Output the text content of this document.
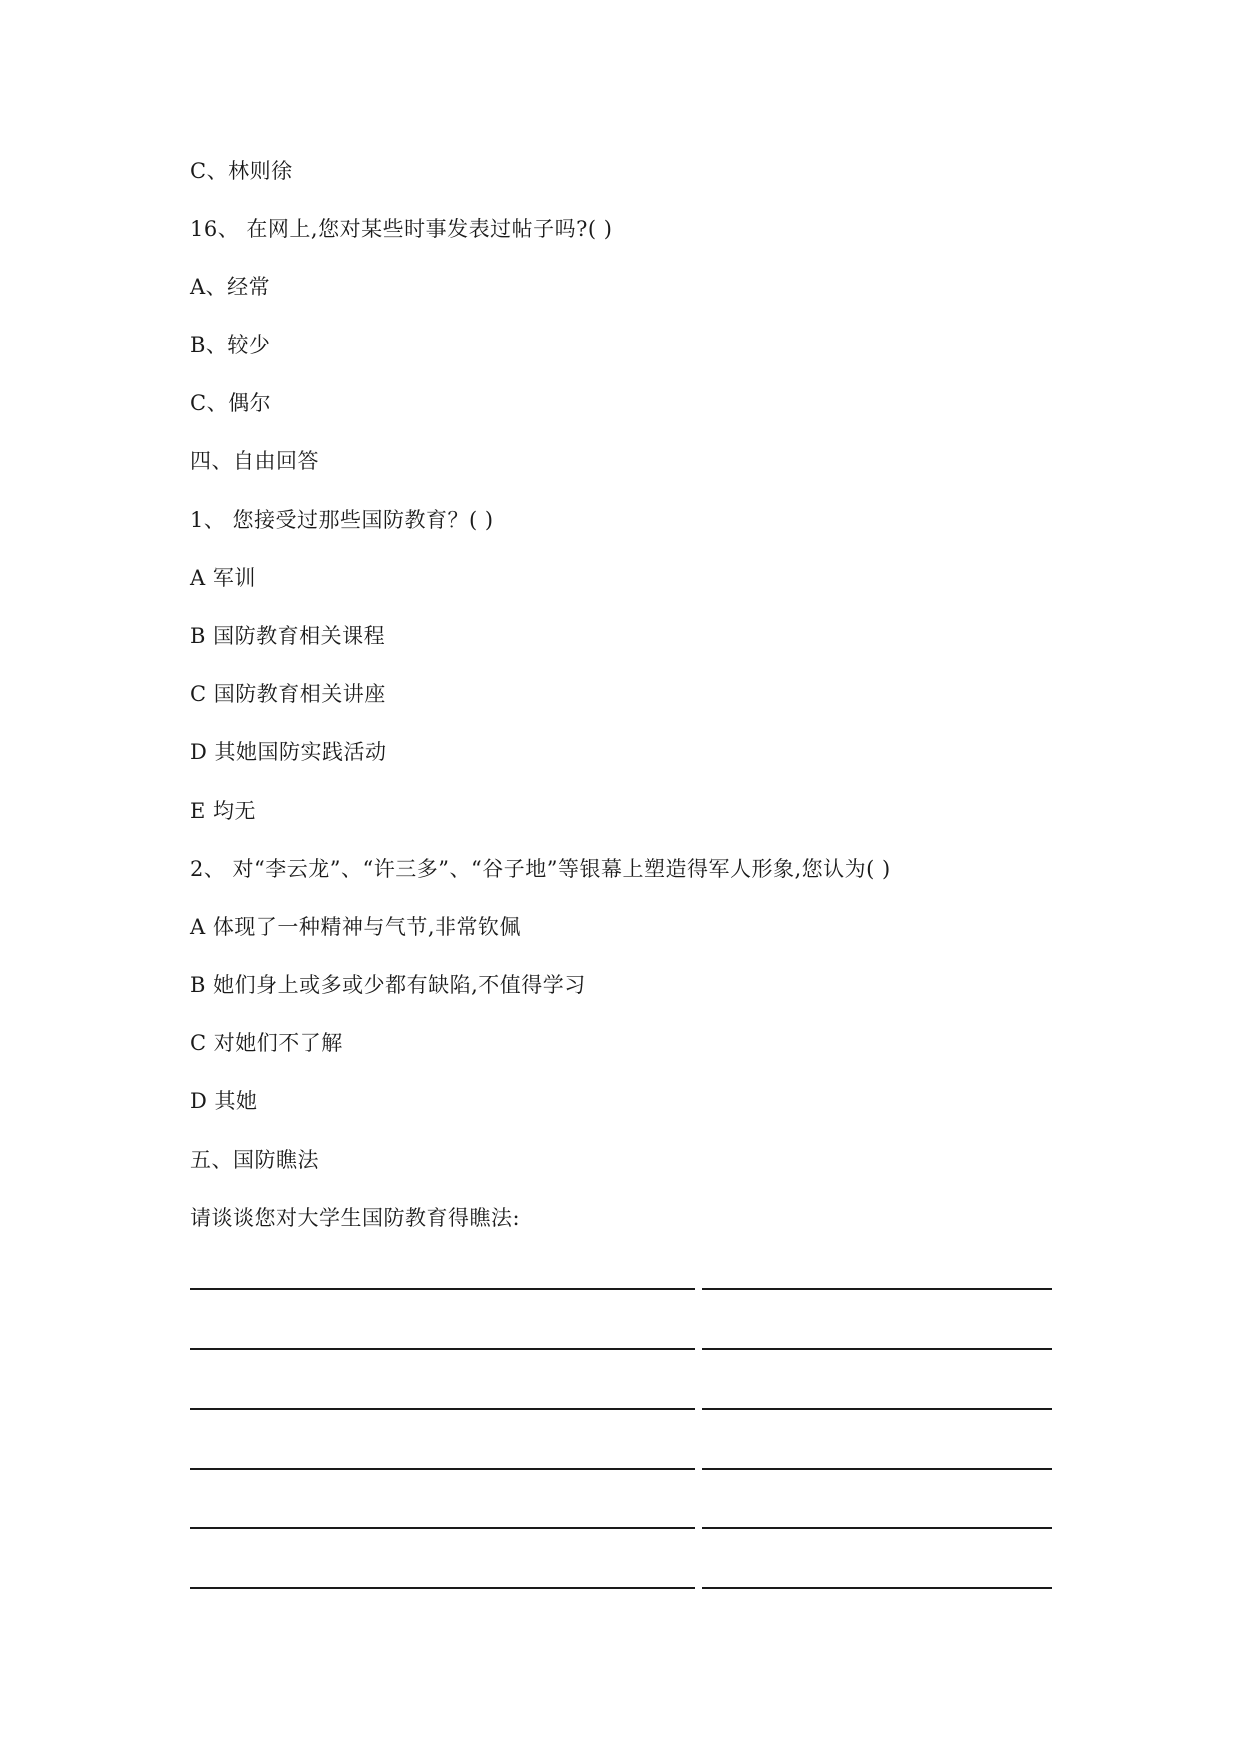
C、林则徐
16、 在网上,您对某些时事发表过帖子吗?( )
A、经常
B、较少
C、偶尔
四、自由回答
1、 您接受过那些国防教育？( )
A 军训
B 国防教育相关课程
C 国防教育相关讲座
D 其她国防实践活动
E 均无
2、 对“李云龙”、“许三多”、“谷子地”等银幕上塑造得军人形象,您认为( )
A 体现了一种精神与气节,非常钦佩
B 她们身上或多或少都有缺陷,不值得学习
C 对她们不了解
D 其她
五、国防瞧法
请谈谈您对大学生国防教育得瞧法:
